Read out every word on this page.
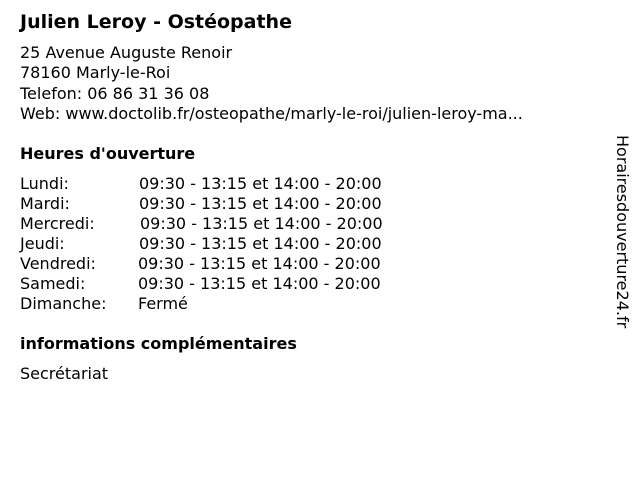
Julien Leroy - Ostéopathe
25 Avenue Auguste Renoir
78160 Marly-le-Roi
Telefon: 06 86 31 36 08
Web: www.doctolib.fr/osteopathe/marly-le-roi/julien-leroy-ma...
Heures d'ouverture
Lundi:	09:30 - 13:15 et 14:00 - 20:00
Mardi:	09:30 - 13:15 et 14:00 - 20:00
Mercredi:	09:30 - 13:15 et 14:00 - 20:00
Jeudi:	09:30 - 13:15 et 14:00 - 20:00
Vendredi:	09:30 - 13:15 et 14:00 - 20:00
Samedi:	09:30 - 13:15 et 14:00 - 20:00
Dimanche: Fermé
informations complémentaires
Secrétariat
Horairesdouverture24.fr
